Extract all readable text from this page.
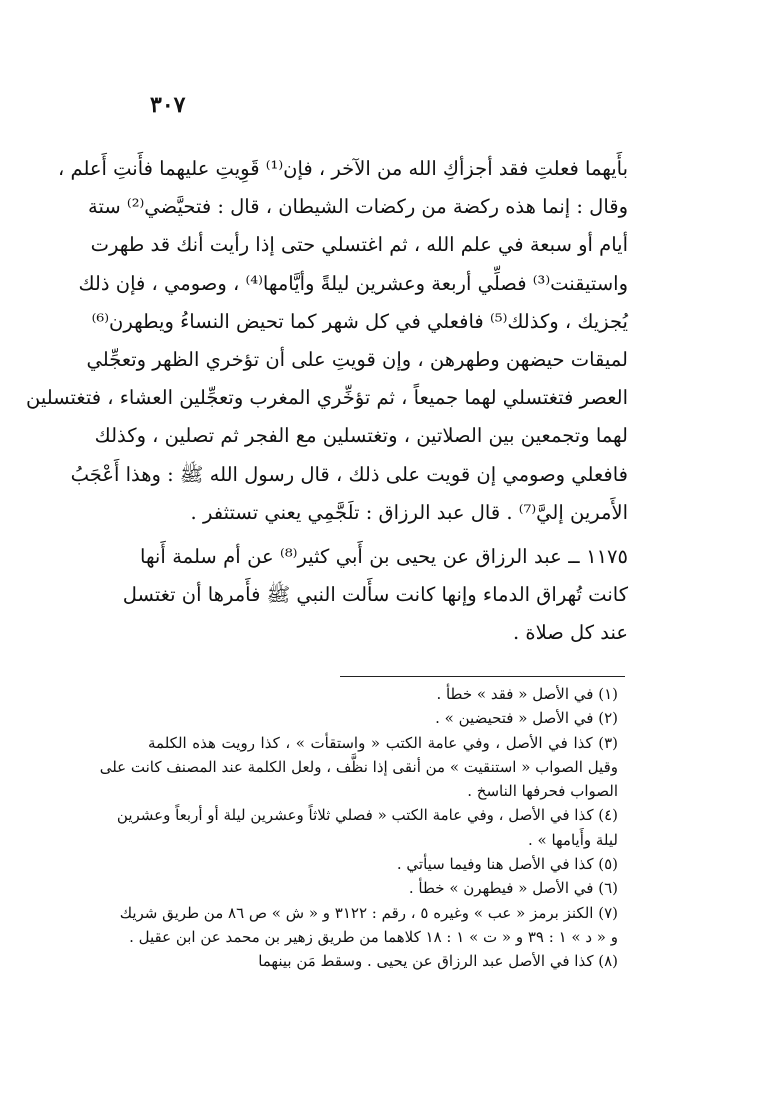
٣٠٧
بأَيهما فعلتِ فقد أجزأكِ الله من الآخر ، فإن⁽¹⁾ قَوِيتِ عليهما فأَنتِ أَعلم ،
وقال : إنما هذه ركضة من ركضات الشيطان ، قال : فتحيَّضي⁽²⁾ ستة
أيام أو سبعة في علم الله ، ثم اغتسلي حتى إذا رأيت أنك قد طهرت
واستيقنت⁽³⁾ فصلِّي أربعة وعشرين ليلةً وأيَّامها⁽⁴⁾ ، وصومي ، فإن ذلك
يُجزيك ، وكذلك⁽⁵⁾ فافعلي في كل شهر كما تحيض النساءُ ويطهرن⁽⁶⁾
لميقات حيضهن وطهرهن ، وإن قويتِ على أن تؤخري الظهر وتعجِّلي
العصر فتغتسلي لهما جميعاً ، ثم تؤخِّري المغرب وتعجِّلين العشاء ، فتغتسلين
لهما وتجمعين بين الصلاتين ، وتغتسلين مع الفجر ثم تصلين ، وكذلك
فافعلي وصومي إن قويت على ذلك ، قال رسول الله ﷺ : وهذا أَعْجَبُ
الأَمرين إليَّ⁽⁷⁾ . قال عبد الرزاق : تلَجَّمِي يعني تستثفر .
١١٧٥ ــ عبد الرزاق عن يحيى بن أَبي كثير⁽⁸⁾ عن أم سلمة أَنها
كانت تُهراق الدماء وإنها كانت سأَلت النبي ﷺ فأَمرها أن تغتسل
عند كل صلاة .
(١) في الأصل « فقد » خطأ .
(٢) في الأصل « فتحيضين » .
(٣) كذا في الأصل ، وفي عامة الكتب « واستقأت » ، كذا رويت هذه الكلمة
وقيل الصواب « استنقيت » من أنقى إذا نظَّف ، ولعل الكلمة عند المصنف كانت على
الصواب فحرفها الناسخ .
(٤) كذا في الأصل ، وفي عامة الكتب « فصلي ثلاثاً وعشرين ليلة أو أربعاً وعشرين
ليلة وأَيامها » .
(٥) كذا في الأصل هنا وفيما سيأتي .
(٦) في الأصل « فيطهرن » خطأ .
(٧) الكنز برمز « عب » وغيره ٥ ، رقم : ٣١٢٢ و « ش » ص ٨٦ من طريق شريك
و « د » ١ : ٣٩ و « ت » ١ : ١٨ كلاهما من طريق زهير بن محمد عن ابن عقيل .
(٨) كذا في الأصل عبد الرزاق عن يحيى . وسقط مَن بينهما
